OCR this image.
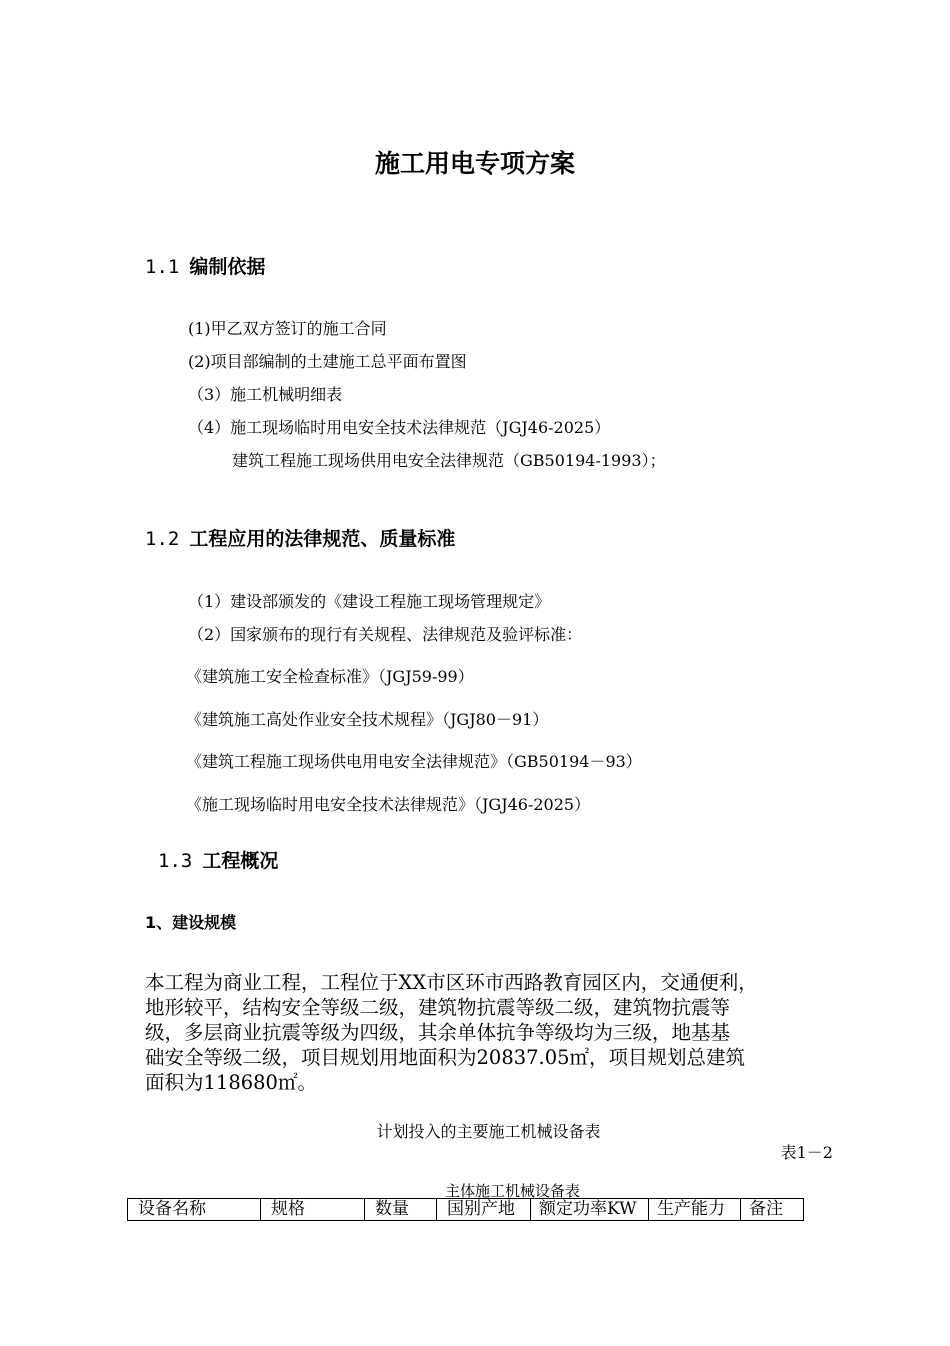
施工用电专项方案
1.1 编制依据
(1)甲乙双方签订的施工合同
(2)项目部编制的土建施工总平面布置图
（3）施工机械明细表
（4）施工现场临时用电安全技术法律规范（JGJ46-2025）
建筑工程施工现场供用电安全法律规范（GB50194-1993）；
1.2 工程应用的法律规范、质量标准
（1）建设部颁发的《建设工程施工现场管理规定》
（2）国家颁布的现行有关规程、法律规范及验评标准：
《建筑施工安全检查标准》（JGJ59-99）
《建筑施工高处作业安全技术规程》（JGJ80－91）
《建筑工程施工现场供电用电安全法律规范》（GB50194－93）
《施工现场临时用电安全技术法律规范》（JGJ46-2025）
1.3 工程概况
1、建设规模
本工程为商业工程，工程位于XX市区环市西路教育园区内，交通便利，
地形较平，结构安全等级二级，建筑物抗震等级二级，建筑物抗震等
级，多层商业抗震等级为四级，其余单体抗争等级均为三级，地基基
础安全等级二级，项目规划用地面积为20837.05㎡，项目规划总建筑
面积为118680㎡。
计划投入的主要施工机械设备表
表1－2
主体施工机械设备表
设备名称	规格	数量	国别产地	额定功率KW	生产能力	备注
